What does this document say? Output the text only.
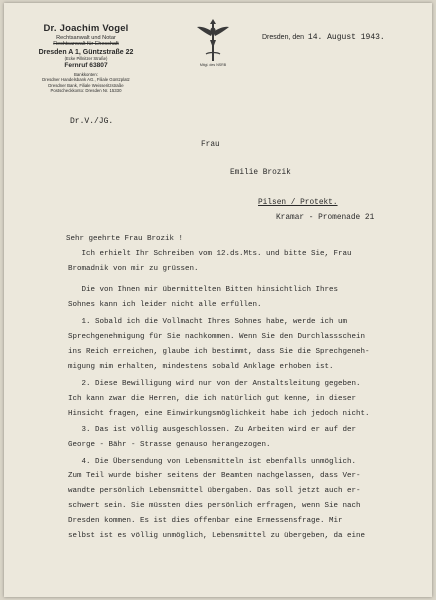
Dr. Joachim Vogel
Rechtsanwalt und Notar
Rechtsanwalt für Eheschaft
Dresden A 1, Güntzstraße 22
(Ecke Pillnitzer Straße)
Fernruf 63807
Bankkonten:
Dresdner Handelsbank AG., Filiale Güntzplatz
Dresdner Bank, Filiale Weisseritzstraße
Postscheckkonto: Dresden Nr. 15330
Dr.V./JG.
Mitgl. des NSRB
Dresden, den 14. August 1943.
Frau
Emilie Brozik
Pilsen / Protekt.
Kramar - Promenade 21
Sehr geehrte Frau Brozik !
Ich erhielt Ihr Schreiben vom 12.ds.Mts. und bitte Sie, Frau
Bromadnik von mir zu grüssen.
Die von Ihnen mir übermittelten Bitten hinsichtlich Ihres
Sohnes kann ich leider nicht alle erfüllen.
1. Sobald ich die Vollmacht Ihres Sohnes habe, werde ich um
Sprechgenehmigung für Sie nachkommen. Wenn Sie den Durchlassschein
ins Reich erreichen, glaube ich bestimmt, dass Sie die Sprechgeneh-
migung mim erhalten, mindestens sobald Anklage erhoben ist.
2. Diese Bewilligung wird nur von der Anstaltsleitung gegeben.
Ich kann zwar die Herren, die ich natürlich gut kenne, in dieser
Hinsicht fragen, eine Einwirkungsmöglichkeit habe ich jedoch nicht.
3. Das ist völlig ausgeschlossen. Zu Arbeiten wird er auf der
George - Bähr - Strasse genauso herangezogen.
4. Die Übersendung von Lebensmitteln ist ebenfalls unmöglich.
Zum Teil wurde bisher seitens der Beamten nachgelassen, dass Ver-
wandte persönlich Lebensmittel übergaben. Das soll jetzt auch er-
schwert sein. Sie müssten dies persönlich erfragen, wenn Sie nach
Dresden kommen. Es ist dies offenbar eine Ermessensfrage. Mir
selbst ist es völlig unmöglich, Lebensmittel zu übergeben, da eine
